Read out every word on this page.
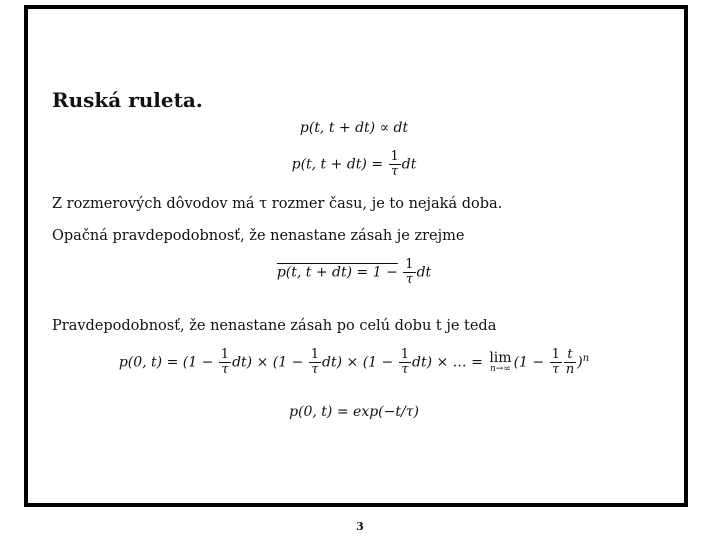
Ruská ruleta.
p(t, t + dt) ∝ dt
p(t, $t + dt) = \frac{1}{\tau}$ dt
Z rozmerových dôvodov má τ rozmer času, je to nejaká doba.
Opačná pravdepodobnosť, že nenastane zásah je zrejme
p(t, $t + dt) = 1 - \frac{1}{\tau}$ dt
Pravdepodobnosť, že nenastane zásah po celú dobu t je teda
p(0, $t) = (1 - \frac{1}{\tau} dt) \times (1 - \frac{1}{\tau} dt) \times (1 - \frac{1}{\tau} dt)$ × … = lim
n→∞ $(1 - \frac{1}{\tau} \frac{t}{n} )^n$
p(0, t) = exp(−t/τ)
3
